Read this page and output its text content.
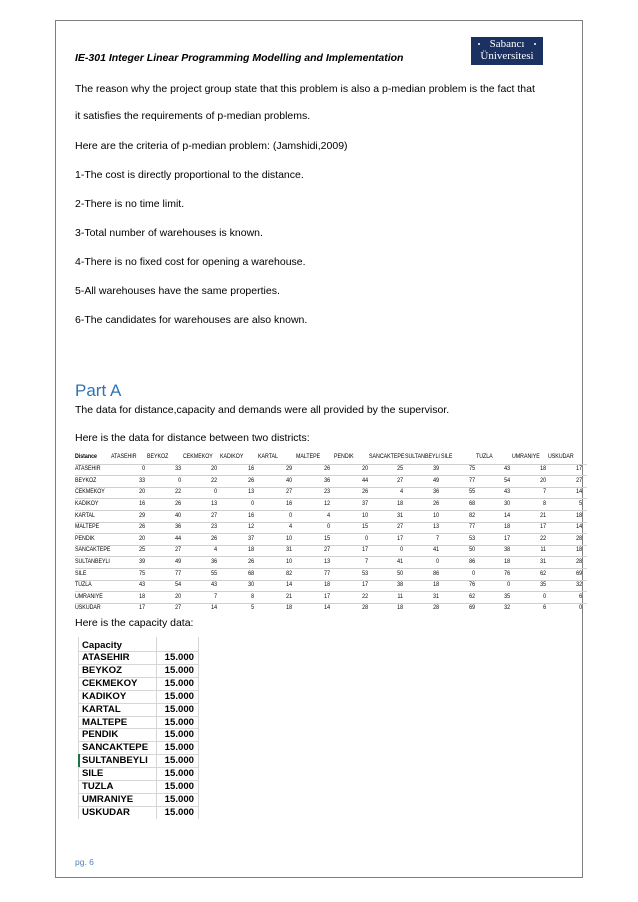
IE-301 Integer Linear Programming Modelling and Implementation
Sabancı
Üniversitesi
The reason why the project group state that this problem is also a p-median problem is the fact that
it satisfies the requirements of p-median problems.
Here are the criteria of p-median problem: (Jamshidi,2009)
1-The cost is directly proportional to the distance.
2-There is no time limit.
3-Total number of warehouses is known.
4-There is no fixed cost for opening a warehouse.
5-All warehouses have the same properties.
6-The candidates for warehouses are also known.
Part A
The data for distance,capacity and demands were all provided by the supervisor.
Here is the data for distance between two districts:
Distance ATASEHIR BEYKOZ CEKMEKOY KADIKOY KARTAL	MALTEPE PENDIK SANCAKTEPE SULTANBEYLI SILE	TUZLA	UMRANIYE USKUDAR
ATASEHIR	0	33	20	16	29	26	20	25	39	75	43	18	17
BEYKOZ	33	0	22	26	40	36	44	27	49	77	54	20	27
CEKMEKOY	20	22	0	13	27	23	26	4	36	55	43	7	14
KADIKOY	16	26	13	0	16	12	37	18	26	68	30	8	5
KARTAL	29	40	27	16	0	4	10	31	10	82	14	21	18
MALTEPE	26	36	23	12	4	0	15	27	13	77	18	17	14
PENDIK	20	44	26	37	10	15	0	17	7	53	17	22	28
SANCAKTEPE	25	27	4	18	31	27	17	0	41	50	38	11	18
SULTANBEYLI	39	49	36	26	10	13	7	41	0	86	18	31	28
SILE	75	77	55	68	82	77	53	50	86	0	76	62	69
TUZLA	43	54	43	30	14	18	17	38	18	76	0	35	32
UMRANIYE	18	20	7	8	21	17	22	11	31	62	35	0	6
USKUDAR	17	27	14	5	18	14	28	18	28	69	32	6	0
Here is the capacity data:
Capacity
ATASEHIR	15.000
BEYKOZ	15.000
CEKMEKOY	15.000
KADIKOY	15.000
KARTAL	15.000
MALTEPE	15.000
PENDIK	15.000
SANCAKTEPE	15.000
SULTANBEYLI	15.000
SILE	15.000
TUZLA	15.000
UMRANIYE	15.000
USKUDAR	15.000
pg. 6
